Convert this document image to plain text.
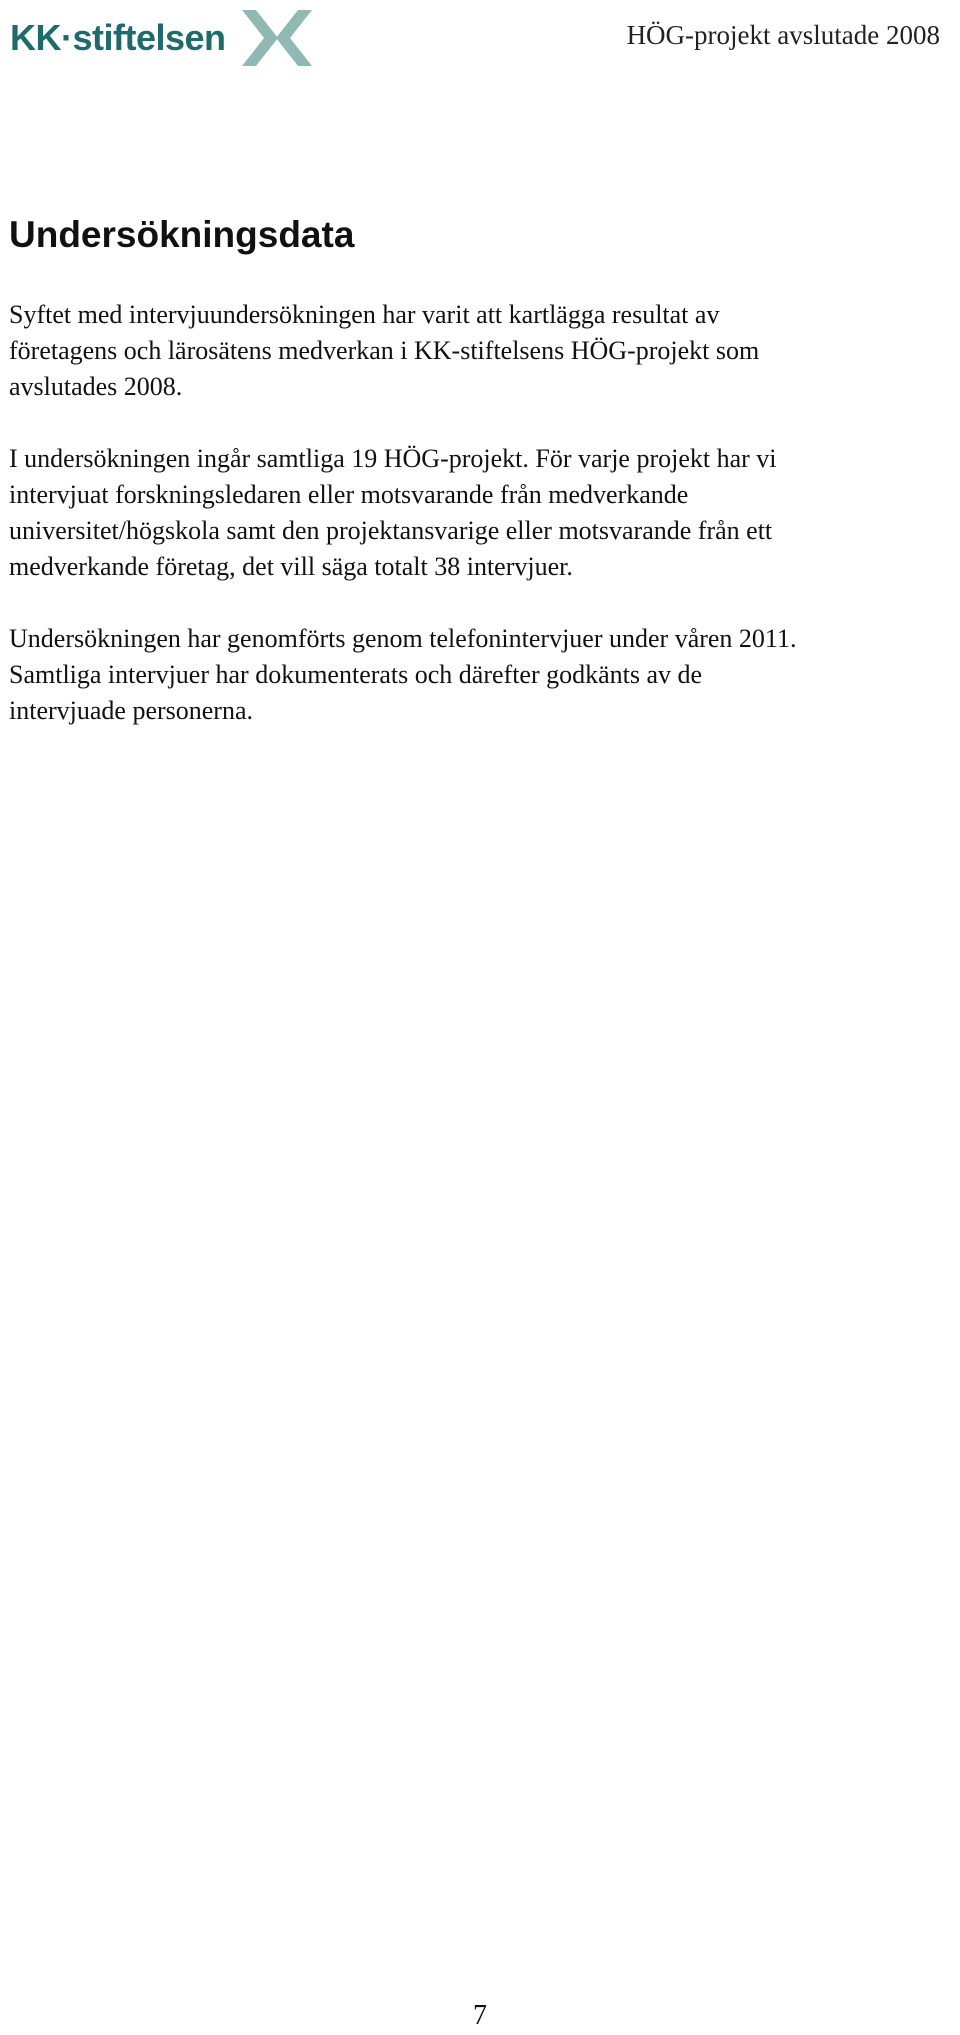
KK·stiftelsen	HÖG-projekt avslutade 2008
Undersökningsdata

Syftet med intervjuundersökningen har varit att kartlägga resultat av
företagens och lärosätens medverkan i KK-stiftelsens HÖG-projekt som
avslutades 2008.

I undersökningen ingår samtliga 19 HÖG-projekt. För varje projekt har vi
intervjuat forskningsledaren eller motsvarande från medverkande
universitet/högskola samt den projektansvarige eller motsvarande från ett
medverkande företag, det vill säga totalt 38 intervjuer.

Undersökningen har genomförts genom telefonintervjuer under våren 2011.
Samtliga intervjuer har dokumenterats och därefter godkänts av de
intervjuade personerna.

7
